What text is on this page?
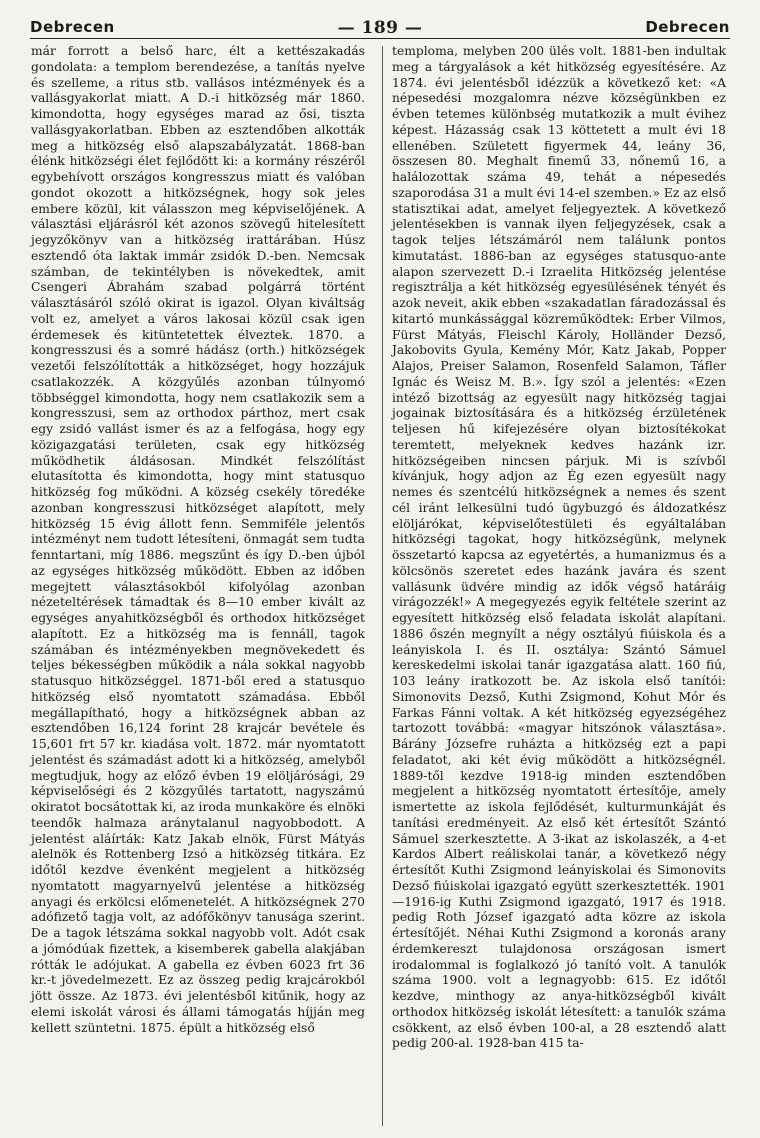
Debrecen	— 189 —	Debrecen

már forrott a belső harc, élt a kettészakadás gondolata: a templom berendezése, a tanítás nyelve és szelleme, a ritus stb. vallásos intézmények és a vallásgyakorlat miatt. A D.-i hitközség már 1860. kimondotta, hogy egységes marad az ősi, tiszta vallásgyakorlatban. Ebben az esztendőben alkották meg a hitközség első alapszabályzatát. 1868-ban élénk hitközségi élet fejlődött ki: a kormány részéről egybehívott országos kongresszus miatt és valóban gondot okozott a hitközségnek, hogy sok jeles embere közül, kit válasszon meg képviselőjének. A választási eljárásról két azonos szövegű hitelesített jegyzőkönyv van a hitközség irattárában. Húsz esztendő óta laktak immár zsidók D.-ben. Nemcsak számban, de tekintélyben is növekedtek, amit Csengeri Ábrahám szabad polgárrá történt választásáról szóló okirat is igazol. Olyan kiváltság volt ez, amelyet a város lakosai közül csak igen érdemesek és kitüntetettek élveztek. 1870. a kongresszusi és a somré hádász (orth.) hitközségek vezetői felszólították a hitközséget, hogy hozzájuk csatlakozzék. A közgyűlés azonban túlnyomó többséggel kimondotta, hogy nem csatlakozik sem a kongresszusi, sem az orthodox párthoz, mert csak egy zsidó vallást ismer és az a felfogása, hogy egy közigazgatási területen, csak egy hitközség működhetik áldásosan. Mindkét felszólítást elutasította és kimondotta, hogy mint statusquo hitközség fog működni. A község csekély töredéke azonban kongresszusi hitközséget alapított, mely hitközség 15 évig állott fenn. Semmiféle jelentős intézményt nem tudott létesíteni, önmagát sem tudta fenntartani, míg 1886. megszűnt és így D.-ben újból az egységes hitközség működött. Ebben az időben megejtett választásokból kifolyólag azonban nézeteltérések támadtak és 8—10 ember kivált az egységes anyahitközségből és orthodox hitközséget alapított. Ez a hitközség ma is fennáll, tagok számában és intézményekben megnövekedett és teljes békességben működik a nála sokkal nagyobb statusquo hitközséggel. 1871-ből ered a statusquo hitközség első nyomtatott számadása. Ebből megállapítható, hogy a hitközségnek abban az esztendőben 16,124 forint 28 krajcár bevétele és 15,601 frt 57 kr. kiadása volt. 1872. már nyomtatott jelentést és számadást adott ki a hitközség, amelyből megtudjuk, hogy az előző évben 19 elöljárósági, 29 képviselőségi és 2 közgyűlés tartatott, nagyszámú okiratot bocsátottak ki, az iroda munkaköre és elnöki teendők halmaza aránytalanul nagyobbodott. A jelentést aláírták: Katz Jakab elnök, Fürst Mátyás alelnök és Rottenberg Izsó a hitközség titkára. Ez időtől kezdve évenként megjelent a hitközség nyomtatott magyarnyelvű jelentése a hitközség anyagi és erkölcsi előmenetelét. A hitközségnek 270 adófizető tagja volt, az adófőkönyv tanusága szerint. De a tagok létszáma sokkal nagyobb volt. Adót csak a jómódúak fizettek, a kisemberek gabella alakjában rótták le adójukat. A gabella ez évben 6023 frt 36 kr.-t jövedelmezett. Ez az összeg pedig krajcárokból jött össze. Az 1873. évi jelentésből kitűnik, hogy az elemi iskolát városi és állami támogatás híjján meg kellett szüntetni. 1875. épült a hitközség első

temploma, melyben 200 ülés volt. 1881-ben indultak meg a tárgyalások a két hitközség egyesítésére. Az 1874. évi jelentésből idézzük a következő ket: «A népesedési mozgalomra nézve községünkben ez évben tetemes különbség mutatkozik a mult évihez képest. Házasság csak 13 köttetett a mult évi 18 ellenében. Született figyermek 44, leány 36, összesen 80. Meghalt finemű 33, nőnemű 16, a halálozottak száma 49, tehát a népesedés szaporodása 31 a mult évi 14-el szemben.» Ez az első statisztikai adat, amelyet feljegyeztek. A következő jelentésekben is vannak ilyen feljegyzések, csak a tagok teljes létszámáról nem találunk pontos kimutatást. 1886-ban az egységes statusquo-ante alapon szervezett D.-i Izraelita Hitközség jelentése regisztrálja a két hitközség egyesülésének tényét és azok neveit, akik ebben «szakadatlan fáradozással és kitartó munkássággal közreműködtek: Erber Vilmos, Fürst Mátyás, Fleischl Károly, Holländer Dezső, Jakobovits Gyula, Kemény Mór, Katz Jakab, Popper Alajos, Preiser Salamon, Rosenfeld Salamon, Táfler Ignác és Weisz M. B.». Így szól a jelentés: «Ezen intéző bizottság az egyesült nagy hitközség tagjai jogainak biztosítására és a hitközség érzületének teljesen hű kifejezésére olyan biztosítékokat teremtett, melyeknek kedves hazánk izr. hitközségeiben nincsen párjuk. Mi is szívből kívánjuk, hogy adjon az Ég ezen egyesült nagy nemes és szentcélú hitközségnek a nemes és szent cél iránt lelkesülni tudó ügybuzgó és áldozatkész elöljárókat, képviselőtestületi és egyáltalában hitközségi tagokat, hogy hitközségünk, melynek összetartó kapcsa az egyetértés, a humanizmus és a kölcsönös szeretet edes hazánk javára és szent vallásunk üdvére mindig az idők végső határáig virágozzék!» A megegyezés egyik feltétele szerint az egyesített hitközség első feladata iskolát alapítani. 1886 őszén megnyílt a négy osztályú fiúiskola és a leányiskola I. és II. osztálya: Szántó Sámuel kereskedelmi iskolai tanár igazgatása alatt. 160 fiú, 103 leány iratkozott be. Az iskola első tanítói: Simonovits Dezső, Kuthi Zsigmond, Kohut Mór és Farkas Fánni voltak. A két hitközség egyezségéhez tartozott továbbá: «magyar hitszónok választása». Bárány Józsefre ruházta a hitközség ezt a papi feladatot, aki két évig működött a hitközségnél. 1889-től kezdve 1918-ig minden esztendőben megjelent a hitközség nyomtatott értesítője, amely ismertette az iskola fejlődését, kulturmunkáját és tanítási eredményeit. Az első két értesítőt Szántó Sámuel szerkesztette. A 3-ikat az iskolaszék, a 4-et Kardos Albert reáliskolai tanár, a következő négy értesítőt Kuthi Zsigmond leányiskolai és Simonovits Dezső fiúiskolai igazgató együtt szerkesztették. 1901—1916-ig Kuthi Zsigmond igazgató, 1917 és 1918. pedig Roth József igazgató adta közre az iskola értesítőjét. Néhai Kuthi Zsigmond a koronás arany érdemkereszt tulajdonosa országosan ismert irodalommal is foglalkozó jó tanító volt. A tanulók száma 1900. volt a legnagyobb: 615. Ez időtől kezdve, minthogy az anya-hitközségből kivált orthodox hitközség iskolát létesített: a tanulók száma csökkent, az első évben 100-al, a 28 esztendő alatt pedig 200-al. 1928-ban 415 ta-
